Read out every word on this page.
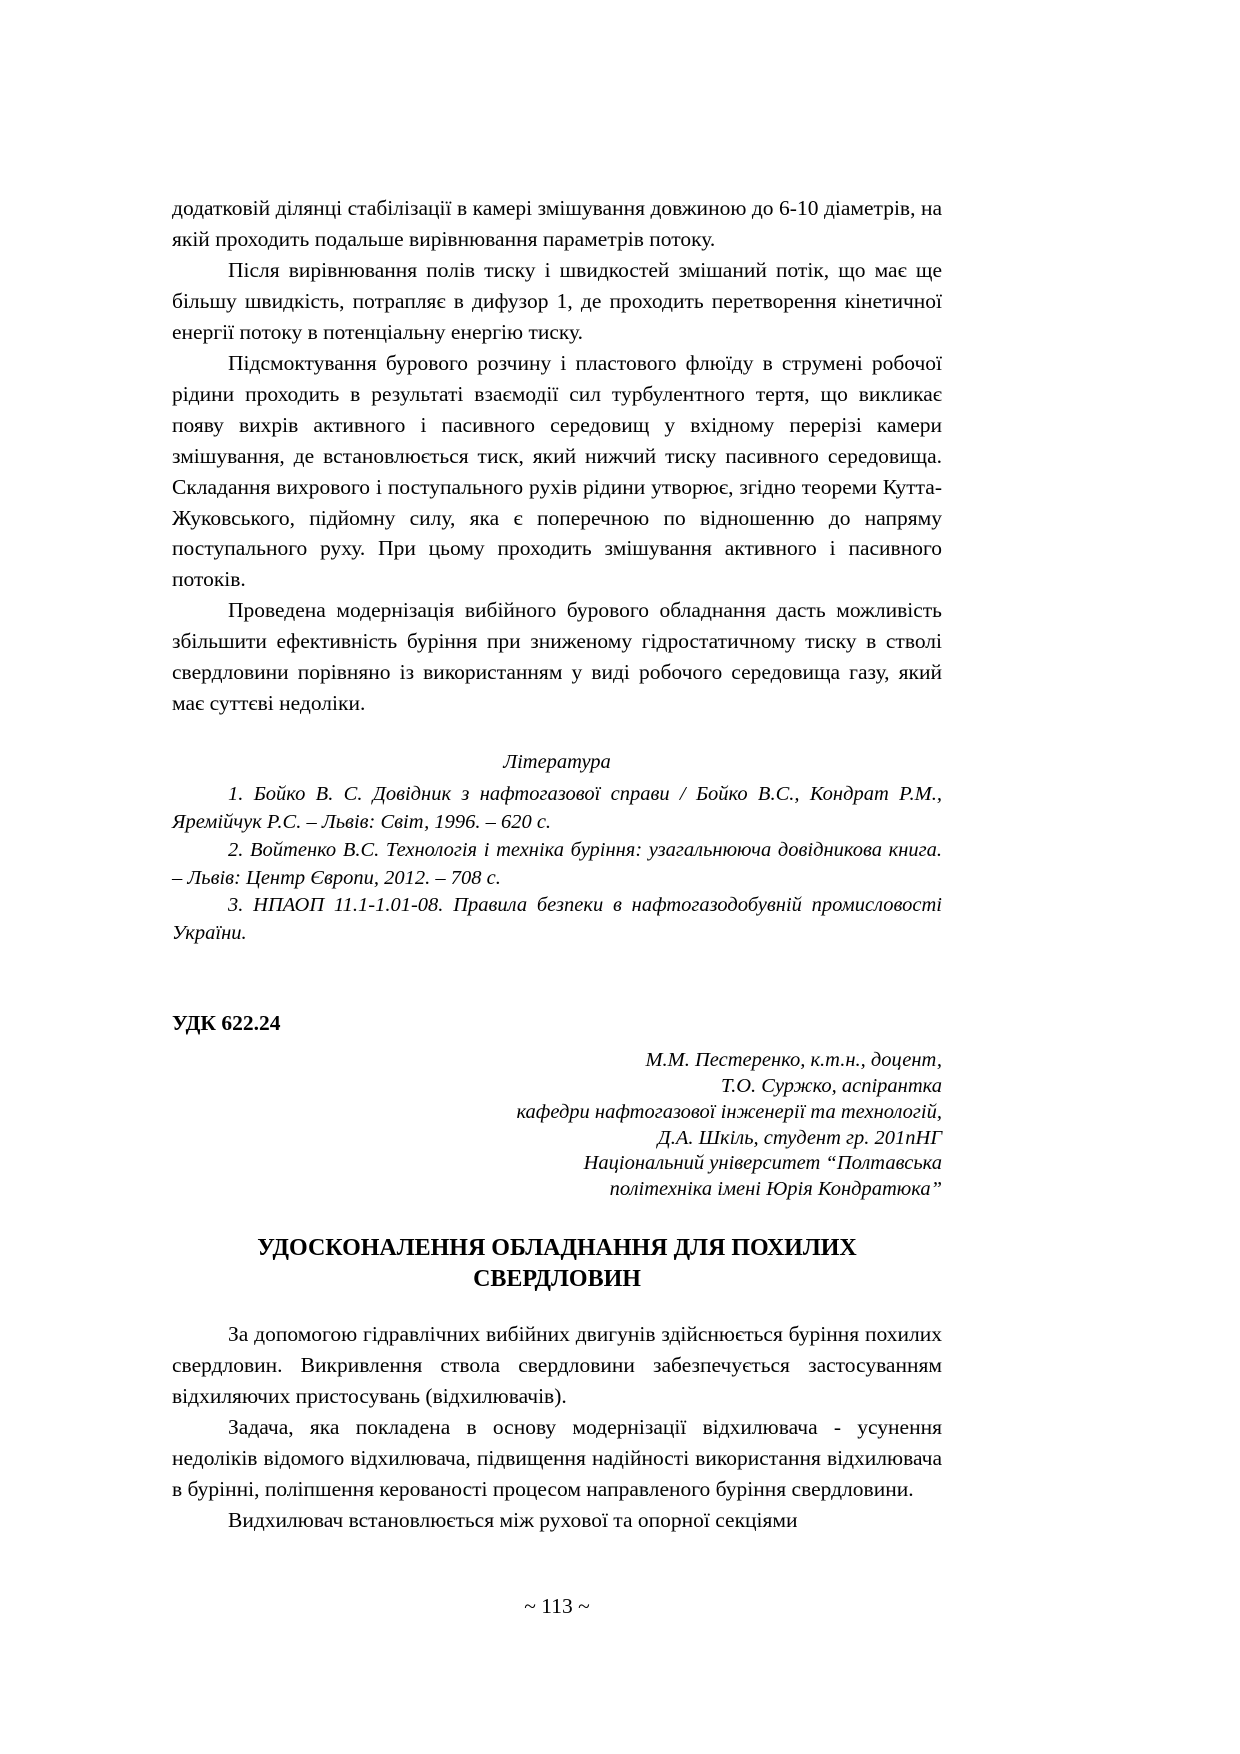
додатковій ділянці стабілізації в камері змішування довжиною до 6-10 діаметрів, на якій проходить подальше вирівнювання параметрів потоку.

Після вирівнювання полів тиску і швидкостей змішаний потік, що має ще більшу швидкість, потрапляє в дифузор 1, де проходить перетворення кінетичної енергії потоку в потенціальну енергію тиску.

Підсмоктування бурового розчину і пластового флюїду в струмені робочої рідини проходить в результаті взаємодії сил турбулентного тертя, що викликає появу вихрів активного і пасивного середовищ у вхідному перерізі камери змішування, де встановлюється тиск, який нижчий тиску пасивного середовища. Складання вихрового і поступального рухів рідини утворює, згідно теореми Кутта-Жуковського, підйомну силу, яка є поперечною по відношенню до напряму поступального руху. При цьому проходить змішування активного і пасивного потоків.

Проведена модернізація вибійного бурового обладнання дасть можливість збільшити ефективність буріння при зниженому гідростатичному тиску в стволі свердловини порівняно із використанням у виді робочого середовища газу, який має суттєві недоліки.

Література

1. Бойко В. С. Довідник з нафтогазової справи / Бойко В.С., Кондрат Р.М., Яремійчук Р.С. – Львів: Світ, 1996. – 620 с.

2. Войтенко В.С. Технологія і техніка буріння: узагальнююча довідникова книга. – Львів: Центр Європи, 2012. – 708 с.

3. НПАОП 11.1-1.01-08. Правила безпеки в нафтогазодобувній промисловості України.

УДК 622.24
М.М. Пестеренко, к.т.н., доцент,
Т.О. Суржко, аспірантка
кафедри нафтогазової інженерії та технологій,
Д.А. Шкіль, студент гр. 201пНГ
Національний університет “Полтавська
політехніка імені Юрія Кондратюка”
УДОСКОНАЛЕННЯ ОБЛАДНАННЯ ДЛЯ ПОХИЛИХ СВЕРДЛОВИН

За допомогою гідравлічних вибійних двигунів здійснюється буріння похилих свердловин. Викривлення ствола свердловини забезпечується застосуванням відхиляючих пристосувань (відхилювачів).

Задача, яка покладена в основу модернізації відхилювача - усунення недоліків відомого відхилювача, підвищення надійності використання відхилювача в бурінні, поліпшення керованості процесом направленого буріння свердловини.

Видхилювач встановлюється між рухової та опорної секціями

~ 113 ~
